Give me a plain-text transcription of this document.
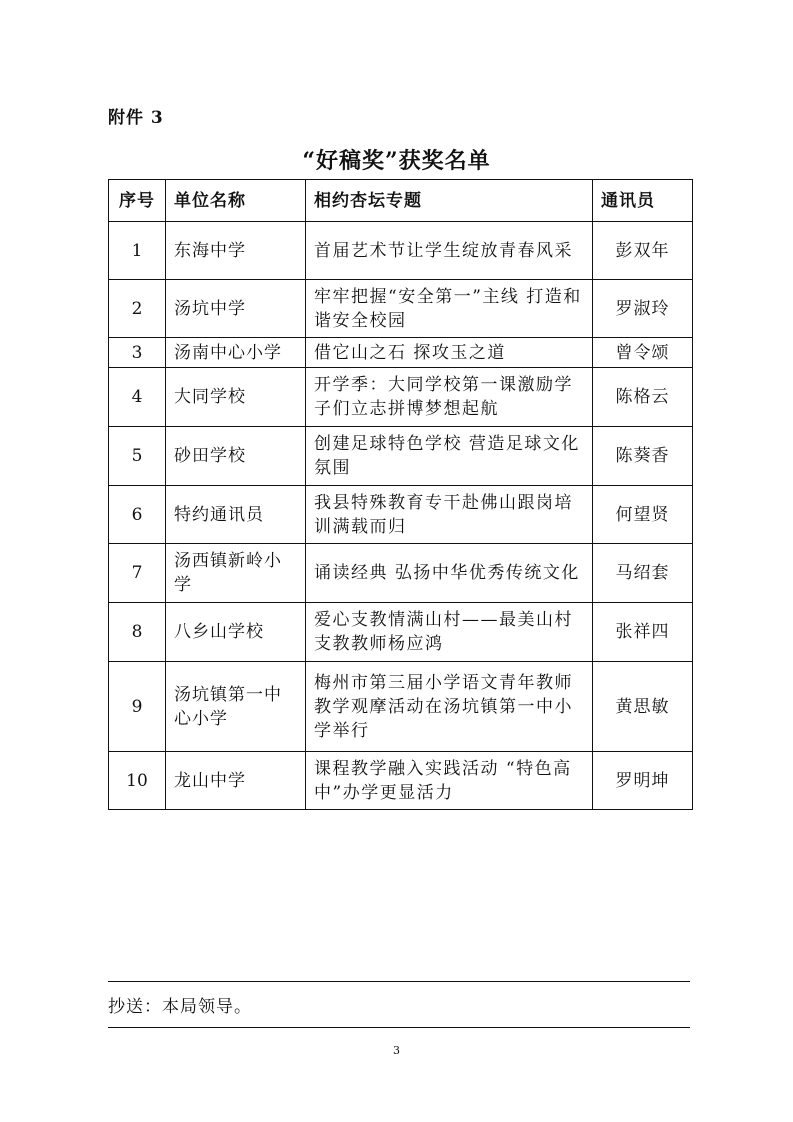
附件 3
“好稿奖”获奖名单
序号	单位名称	相约杏坛专题	通讯员
1	东海中学	首届艺术节让学生绽放青春风采	彭双年
2	汤坑中学	牢牢把握“安全第一”主线 打造和谐安全校园	罗淑玲
3	汤南中心小学	借它山之石 探攻玉之道	曾令颂
4	大同学校	开学季：大同学校第一课激励学子们立志拼博梦想起航	陈格云
5	砂田学校	创建足球特色学校 营造足球文化氛围	陈葵香
6	特约通讯员	我县特殊教育专干赴佛山跟岗培训满载而归	何望贤
7	汤西镇新岭小学	诵读经典 弘扬中华优秀传统文化	马绍套
8	八乡山学校	爱心支教情满山村——最美山村支教教师杨应鸿	张祥四
9	汤坑镇第一中心小学	梅州市第三届小学语文青年教师教学观摩活动在汤坑镇第一中小学举行	黄思敏
10	龙山中学	课程教学融入实践活动 “特色高中”办学更显活力	罗明坤
抄送：本局领导。
3
